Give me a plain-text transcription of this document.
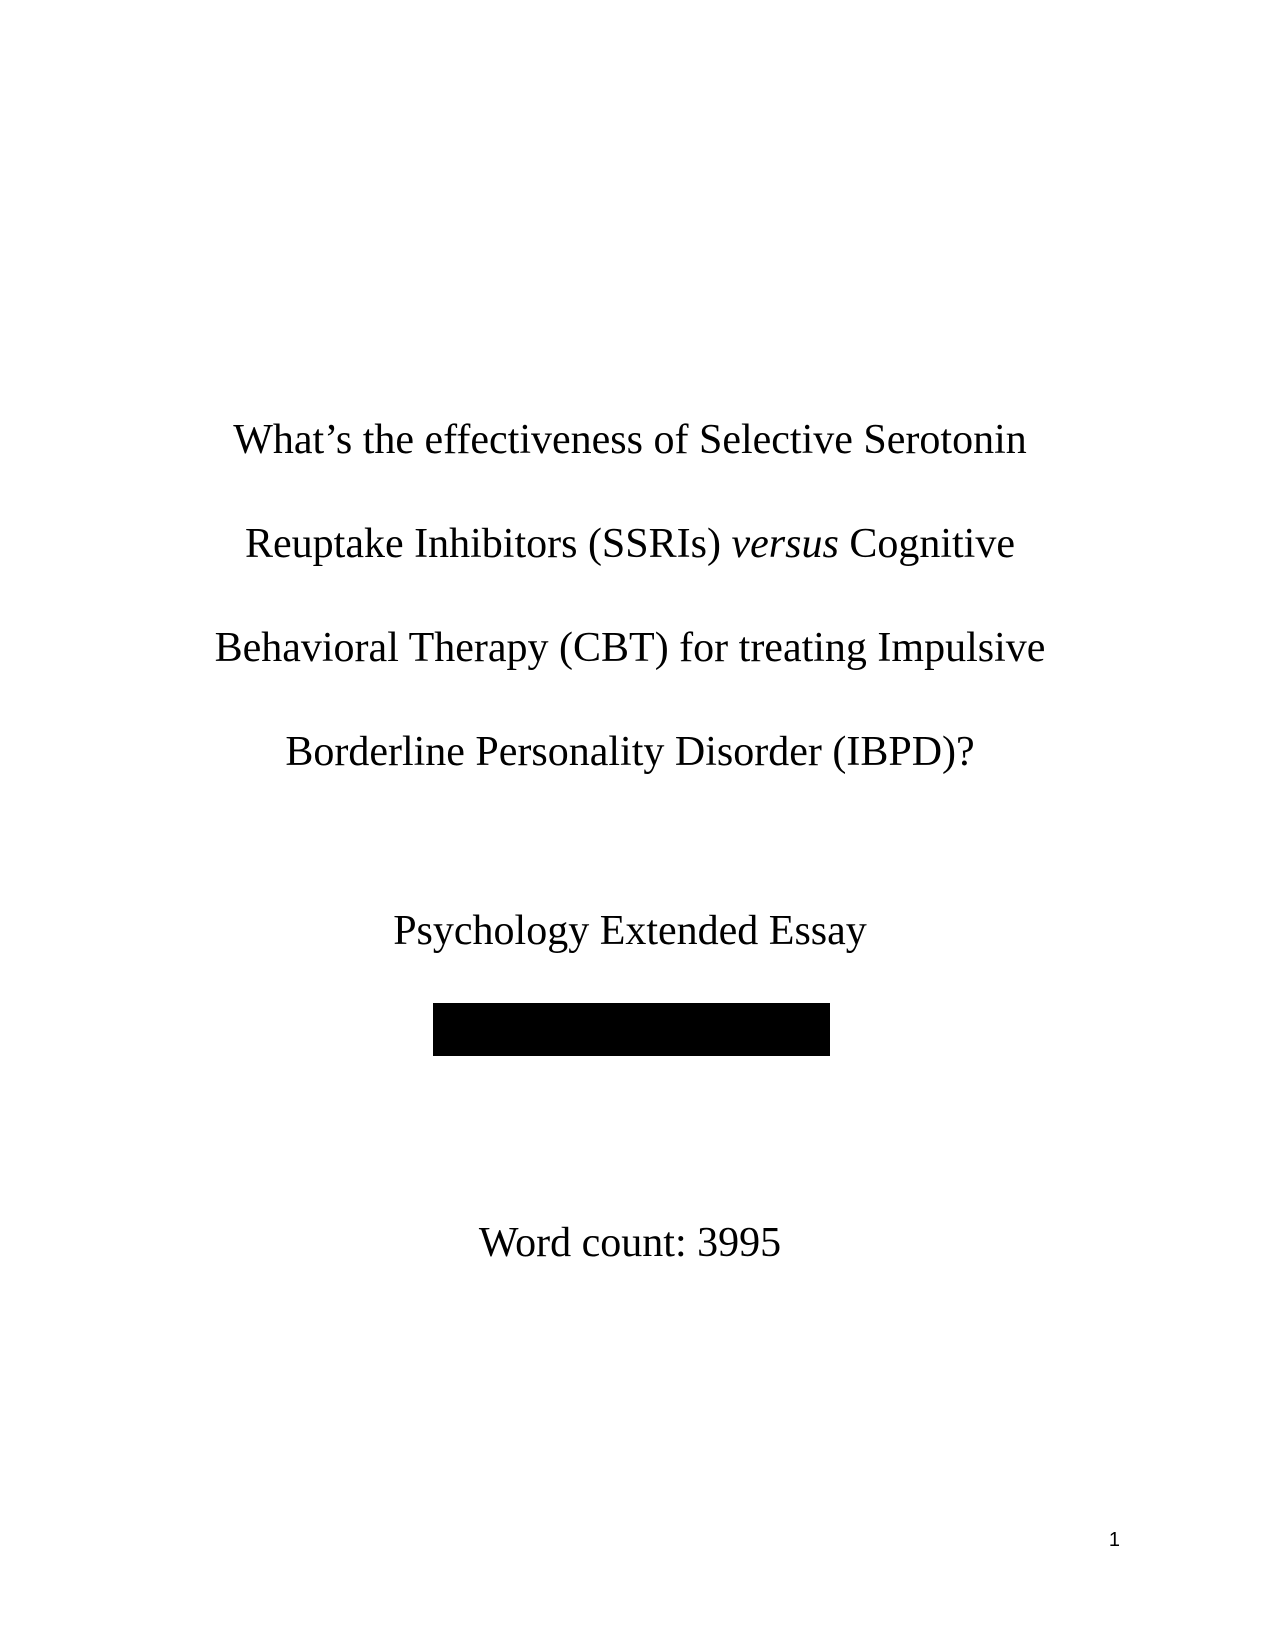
What’s the effectiveness of Selective Serotonin
Reuptake Inhibitors (SSRIs) versus Cognitive
Behavioral Therapy (CBT) for treating Impulsive
Borderline Personality Disorder (IBPD)?
Psychology Extended Essay
Word count: 3995
1
